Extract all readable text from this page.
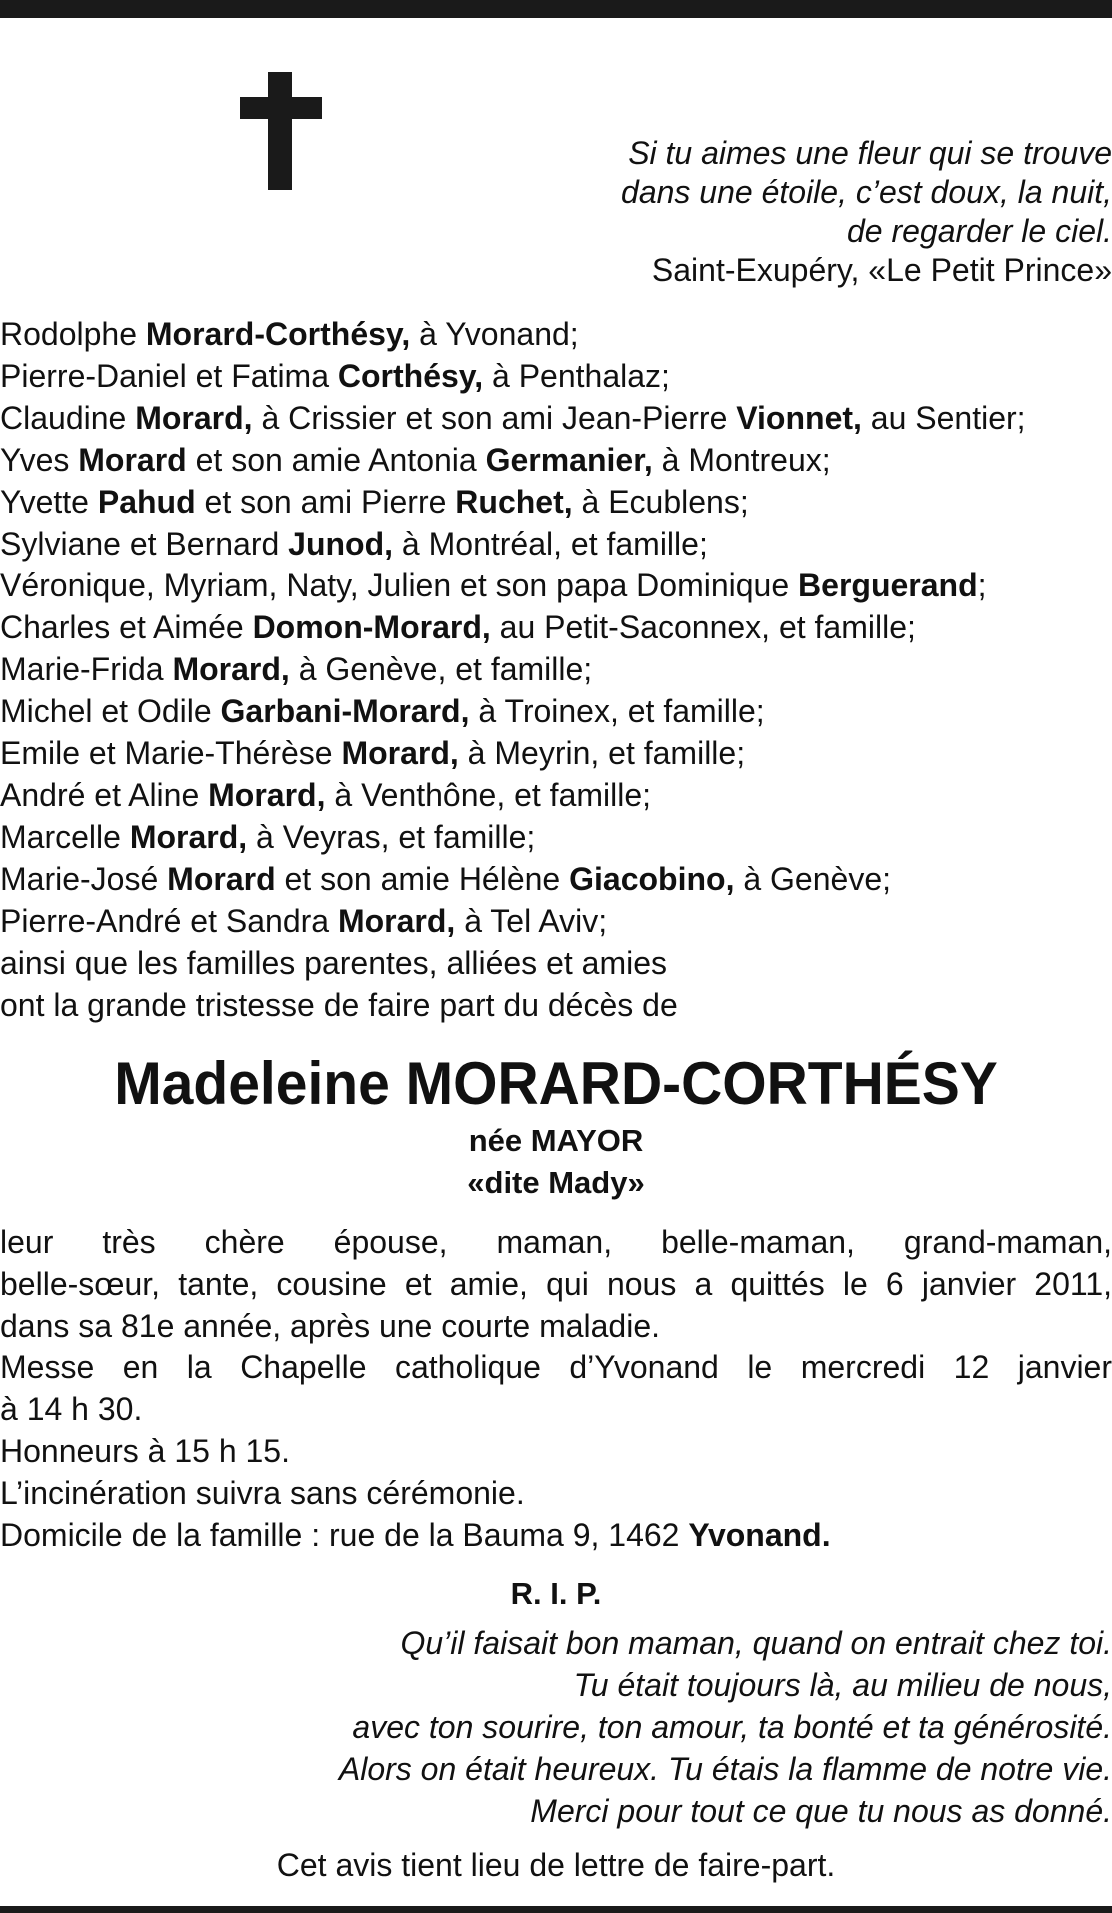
Si tu aimes une fleur qui se trouve
dans une étoile, c’est doux, la nuit,
de regarder le ciel.
Saint-Exupéry, «Le Petit Prince»
Rodolphe Morard-Corthésy, à Yvonand;
Pierre-Daniel et Fatima Corthésy, à Penthalaz;
Claudine Morard, à Crissier et son ami Jean-Pierre Vionnet, au Sentier;
Yves Morard et son amie Antonia Germanier, à Montreux;
Yvette Pahud et son ami Pierre Ruchet, à Ecublens;
Sylviane et Bernard Junod, à Montréal, et famille;
Véronique, Myriam, Naty, Julien et son papa Dominique Berguerand;
Charles et Aimée Domon-Morard, au Petit-Saconnex, et famille;
Marie-Frida Morard, à Genève, et famille;
Michel et Odile Garbani-Morard, à Troinex, et famille;
Emile et Marie-Thérèse Morard, à Meyrin, et famille;
André et Aline Morard, à Venthône, et famille;
Marcelle Morard, à Veyras, et famille;
Marie-José Morard et son amie Hélène Giacobino, à Genève;
Pierre-André et Sandra Morard, à Tel Aviv;
ainsi que les familles parentes, alliées et amies
ont la grande tristesse de faire part du décès de
Madeleine MORARD-CORTHÉSY
née MAYOR
«dite Mady»
leur très chère épouse, maman, belle-maman, grand-maman,
belle-sœur, tante, cousine et amie, qui nous a quittés le 6 janvier 2011,
dans sa 81e année, après une courte maladie.
Messe en la Chapelle catholique d’Yvonand le mercredi 12 janvier
à 14 h 30.
Honneurs à 15 h 15.
L’incinération suivra sans cérémonie.
Domicile de la famille : rue de la Bauma 9, 1462 Yvonand.
R. I. P.
Qu’il faisait bon maman, quand on entrait chez toi.
Tu était toujours là, au milieu de nous,
avec ton sourire, ton amour, ta bonté et ta générosité.
Alors on était heureux. Tu étais la flamme de notre vie.
Merci pour tout ce que tu nous as donné.
Cet avis tient lieu de lettre de faire-part.
